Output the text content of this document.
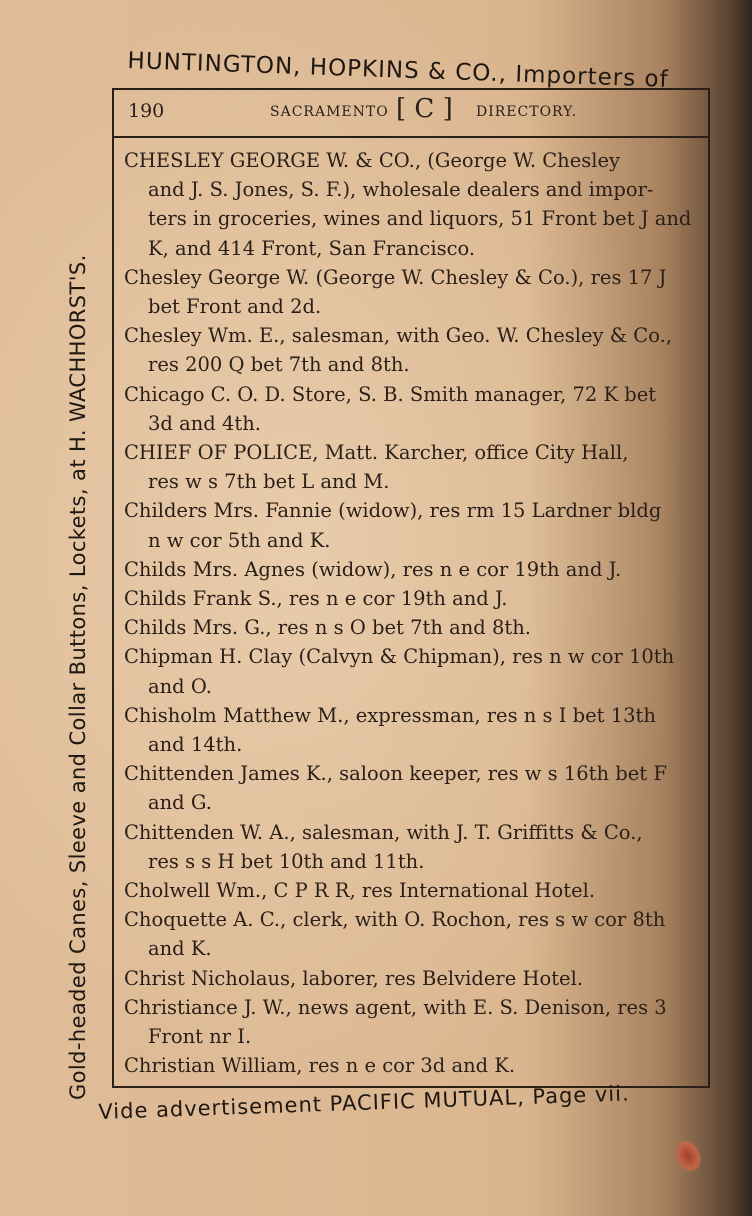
HUNTINGTON, HOPKINS & CO., Importers of
Gold-headed Canes, Sleeve and Collar Buttons, Lockets, at H. WACHHORST'S.
190	SACRAMENTO [ C ] DIRECTORY.
CHESLEY GEORGE W. & CO., (George W. Chesley
and J. S. Jones, S. F.), wholesale dealers and impor-
ters in groceries, wines and liquors, 51 Front bet J and
K, and 414 Front, San Francisco.
Chesley George W. (George W. Chesley & Co.), res 17 J
bet Front and 2d.
Chesley Wm. E., salesman, with Geo. W. Chesley & Co.,
res 200 Q bet 7th and 8th.
Chicago C. O. D. Store, S. B. Smith manager, 72 K bet
3d and 4th.
CHIEF OF POLICE, Matt. Karcher, office City Hall,
res w s 7th bet L and M.
Childers Mrs. Fannie (widow), res rm 15 Lardner bldg
n w cor 5th and K.
Childs Mrs. Agnes (widow), res n e cor 19th and J.
Childs Frank S., res n e cor 19th and J.
Childs Mrs. G., res n s O bet 7th and 8th.
Chipman H. Clay (Calvyn & Chipman), res n w cor 10th
and O.
Chisholm Matthew M., expressman, res n s I bet 13th
and 14th.
Chittenden James K., saloon keeper, res w s 16th bet F
and G.
Chittenden W. A., salesman, with J. T. Griffitts & Co.,
res s s H bet 10th and 11th.
Cholwell Wm., C P R R, res International Hotel.
Choquette A. C., clerk, with O. Rochon, res s w cor 8th
and K.
Christ Nicholaus, laborer, res Belvidere Hotel.
Christiance J. W., news agent, with E. S. Denison, res 3
Front nr I.
Christian William, res n e cor 3d and K.
Vide advertisement PACIFIC MUTUAL, Page vii.
